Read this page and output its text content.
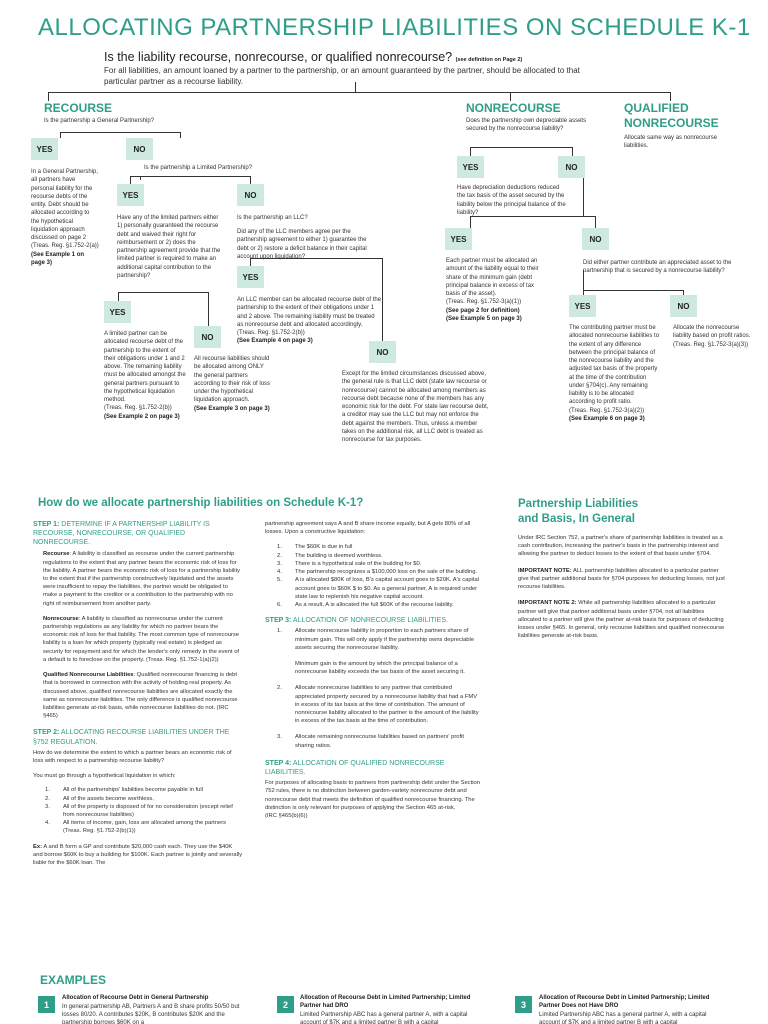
ALLOCATING PARTNERSHIP LIABILITIES ON SCHEDULE K-1
Is the liability recourse, nonrecourse, or qualified nonrecourse? (see definition on Page 2)
For all liabilities, an amount loaned by a partner to the partnership, or an amount guaranteed by the partner, should be allocated to that particular partner as a recourse liability.
RECOURSE
Is the partnership a General Partnership?
YES	NO
In a General Partnership, all partners have personal liability for the recourse debts of the entity. Debt should be allocated according to the hypothetical liquidation approach discussed on page 2
(Treas. Reg. §1.752-2(a))
(See Example 1 on page 3)
Is the partnership a Limited Partnership?
YES	NO
Have any of the limited partners either 1) personally guaranteed the recourse debt and waived their right for reimbursement or 2) does the partnership agreement provide that the limited partner is required to make an additional capital contribution to the partnership?
Is the partnership an LLC?
Did any of the LLC members agree per the partnership agreement to either 1) guarantee the debt or 2) restore a deficit balance in their capital account upon liquidation?
YES
An LLC member can be allocated recourse debt of the partnership to the extent of their obligations under 1 and 2 above. The remaining liability must be treated as nonrecourse debt and allocated accordingly.
(Treas. Reg. §1.752-2(b))
(See Example 4 on page 3)
YES
A limited partner can be allocated recourse debt of the partnership to the extent of their obligations under 1 and 2 above. The remaining liability must be allocated amongst the general partners pursuant to the hypothetical liquidation method.
(Treas. Reg. §1.752-2(b))
(See Example 2 on page 3)
NO
All recourse liabilities should be allocated among ONLY the general partners according to their risk of loss under the hypothetical liquidation approach.
(See Example 3 on page 3)
NO
Except for the limited circumstances discussed above, the general rule is that LLC debt (state law recourse or nonrecourse) cannot be allocated among members as recourse debt because none of the members has any economic risk for the debt. For state law recourse debt, a creditor may sue the LLC but may not enforce the debt against the members. Thus, unless a member takes on the additional risk, all LLC debt is treated as nonrecourse for tax purposes.
NONRECOURSE
Does the partnership own depreciable assets secured by the nonrecourse liability?
YES	NO
Have depreciation deductions reduced the tax basis of the asset secured by the liability below the principal balance of the liability?
YES	NO
Each partner must be allocated an amount of the liability equal to their share of the minimum gain (debt principal balance in excess of tax basis of the asset).
(Treas. Reg. §1.752-3(a)(1))
(See page 2 for definition)
(See Example 5 on page 3)
Did either partner contribute an appreciated asset to the partnership that is secured by a nonrecourse liability?
YES	NO
The contributing partner must be allocated nonrecourse liabilities to the extent of any difference between the principal balance of the nonrecourse liability and the adjusted tax basis of the property at the time of the contribution under §704(c). Any remaining liability is to be allocated according to profit ratio.
(Treas. Reg. §1.752-3(a)(2))
(See Example 6 on page 3)
Allocate the nonrecourse liability based on profit ratios.
(Treas. Reg. §1.752-3(a)(3))
QUALIFIED
NONRECOURSE
Allocate same way as nonrecourse liabilities.
How do we allocate partnership liabilities on Schedule K-1?
STEP 1: DETERMINE IF A PARTNERSHIP LIABILITY IS RECOURSE, NONRECOURSE, OR QUALIFIED NONRECOURSE.
Recourse: A liability is classified as recourse under the current partnership regulations to the extent that any partner bears the economic risk of loss for the liability. A partner bears the economic risk of loss for a partnership liability to the extent that if the partnership constructively liquidated and the assets were insufficient to repay the liabilities, the partner would be obligated to make a payment to the creditor or a contribution to the partnership with no right of reimbursement from another party.
Nonrecourse: A liability is classified as nonrecourse under the current partnership regulations as any liability for which no partner bears the economic risk of loss for that liability. The most common type of nonrecourse liability is a loan for which property (typically real estate) is pledged as security for repayment and for which the lender's only remedy in the event of a default is to foreclose on the property. (Treas. Reg. §1.752-1(a)(2))
Qualified Nonrecourse Liabilities: Qualified nonrecourse financing is debt that is borrowed in connection with the activity of holding real property. As discussed above, qualified nonrecourse liabilities are allocated exactly the same as nonrecourse liabilities. The only difference is qualified nonrecourse liabilities generate at-risk basis, while nonrecourse liabilities do not. (IRC §465)
STEP 2: ALLOCATING RECOURSE LIABILITIES UNDER THE §752 REGULATION.
How do we determine the extent to which a partner bears an economic risk of loss with respect to a partnership recourse liability?
You must go through a hypothetical liquidation in which:
1.	All of the partnerships' liabilities become payable in full
2.	All of the assets become worthless.
3.	All of the property is disposed of for no consideration (except relief from nonrecourse liabilities)
4.	All items of income, gain, loss are allocated among the partners (Treas. Reg. §1.752-2(b)(1))
Ex: A and B form a GP and contribute $20,000 cash each. They use the $40K and borrow $60K to buy a building for $100K. Each partner is jointly and severally liable for the $60K loan. The
partnership agreement says A and B share income equally, but A gets 80% of all losses. Upon a constructive liquidation:
1.	The $60K is due in full
2.	The building is deemed worthless.
3.	There is a hypothetical sale of the building for $0.
4.	The partnership recognizes a $100,000 loss on the sale of the building.
5.	A is allocated $80K of loss, B's capital account goes to $20K. A's capital account goes to $60K $ to $0. As a general partner, A is required under state law to replenish his negative capital account.
6.	As a result, A is allocated the full $60K of the recourse liability.
STEP 3: ALLOCATION OF NONRECOURSE LIABILITIES.
1.	Allocate nonrecourse liability in proportion to each partners share of minimum gain. This will only apply if the partnership owns depreciable assets securing the nonrecourse liability.
Minimum gain is the amount by which the principal balance of a nonrecourse liability exceeds the tax basis of the asset securing it.
2.	Allocate nonrecourse liabilities to any partner that contributed appreciated property secured by a nonrecourse liability that had a FMV in excess of its tax basis at the time of contribution. The amount of nonrecourse liability allocated to the partner is the amount of the liability in excess of the tax basis at the time of contribution.
3.	Allocate remaining nonrecourse liabilities based on partners' profit sharing ratios.
STEP 4: ALLOCATION OF QUALIFIED NONRECOURSE LIABILITIES.
For purposes of allocating basis to partners from partnership debt under the Section 752 rules, there is no distinction between garden-variety nonrecourse debt and nonrecourse debt that meets the definition of qualified nonrecourse financing. The distinction is only relevant for purposes of applying the Section 465 at-risk.
(IRC §465(b)(6))
Partnership Liabilities
and Basis, In General
Under IRC Section 752, a partner's share of partnership liabilities is treated as a cash contribution, increasing the partner's basis in the partnership interest and allowing the partner to deduct losses to the extent of that basis under §704.
IMPORTANT NOTE: ALL partnership liabilities allocated to a particular partner give that partner additional basis for §704 purposes for deducting losses, not just recourse liabilities.
IMPORTANT NOTE 2: While all partnership liabilities allocated to a particular partner will give that partner additional basis under §704, not all liabilities allocated to a partner will give the partner at-risk basis for purposes of deducting losses under §465. In general, only recourse liabilities and qualified nonrecourse liabilities generate at-risk basis.
EXAMPLES
1
Allocation of Recourse Debt in General Partnership
In general partnership AB, Partners A and B share profits 50/50 but losses 80/20. A contributes $20K, B contributes $20K and the partnership borrows $60K on a
2
Allocation of Recourse Debt in Limited Partnership; Limited Partner had DRO
Limited Partnership ABC has a general partner A, with a capital account of $7K and a limited partner B with a capital
3
Allocation of Recourse Debt in Limited Partnership; Limited Partner Does not Have DRO
Limited Partnership ABC has a general partner A, with a capital account of $7K and a limited partner B with a capital
